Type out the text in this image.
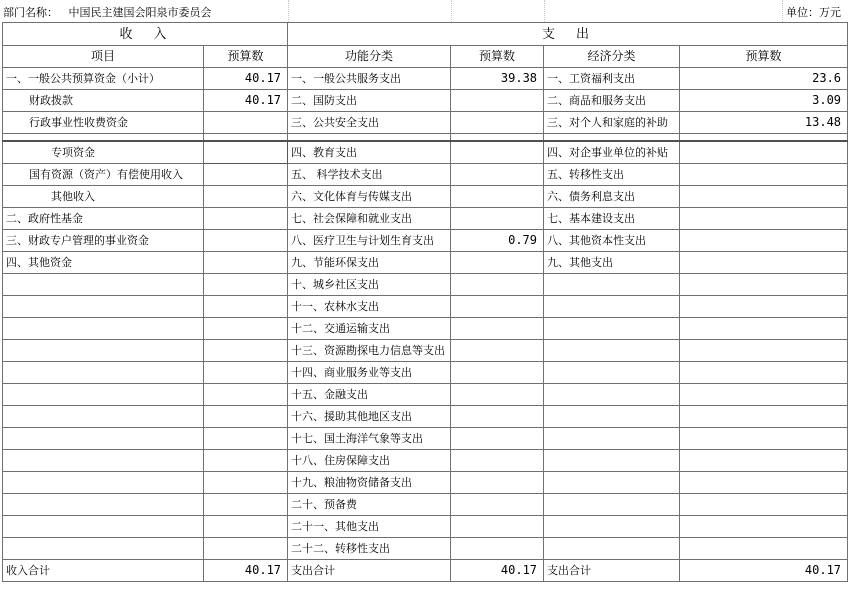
部门名称： 中国民主建国会阳泉市委员会	单位：万元
收　入		支　出			
项目	预算数	功能分类	预算数	经济分类	预算数
一、一般公共预算资金（小计）	40.17	一、一般公共服务支出	39.38	一、工资福利支出	23.6
财政拨款	40.17	二、国防支出		二、商品和服务支出	3.09
行政事业性收费资金		三、公共安全支出		三、对个人和家庭的补助	13.48

专项资金		四、教育支出		四、对企事业单位的补贴	
国有资源（资产）有偿使用收入		五、 科学技术支出		五、转移性支出	
其他收入		六、文化体育与传媒支出		六、债务利息支出	
二、政府性基金		七、社会保障和就业支出		七、基本建设支出	
三、财政专户管理的事业资金		八、医疗卫生与计划生育支出	0.79	八、其他资本性支出	
四、其他资金		九、节能环保支出		九、其他支出	
		十、城乡社区支出			
		十一、农林水支出			
		十二、交通运输支出			
		十三、资源勘探电力信息等支出			
		十四、商业服务业等支出			
		十五、金融支出			
		十六、援助其他地区支出			
		十七、国土海洋气象等支出			
		十八、住房保障支出			
		十九、粮油物资储备支出			
		二十、预备费			
		二十一、其他支出			
		二十二、转移性支出			
收入合计	40.17	支出合计	40.17	支出合计	40.17
